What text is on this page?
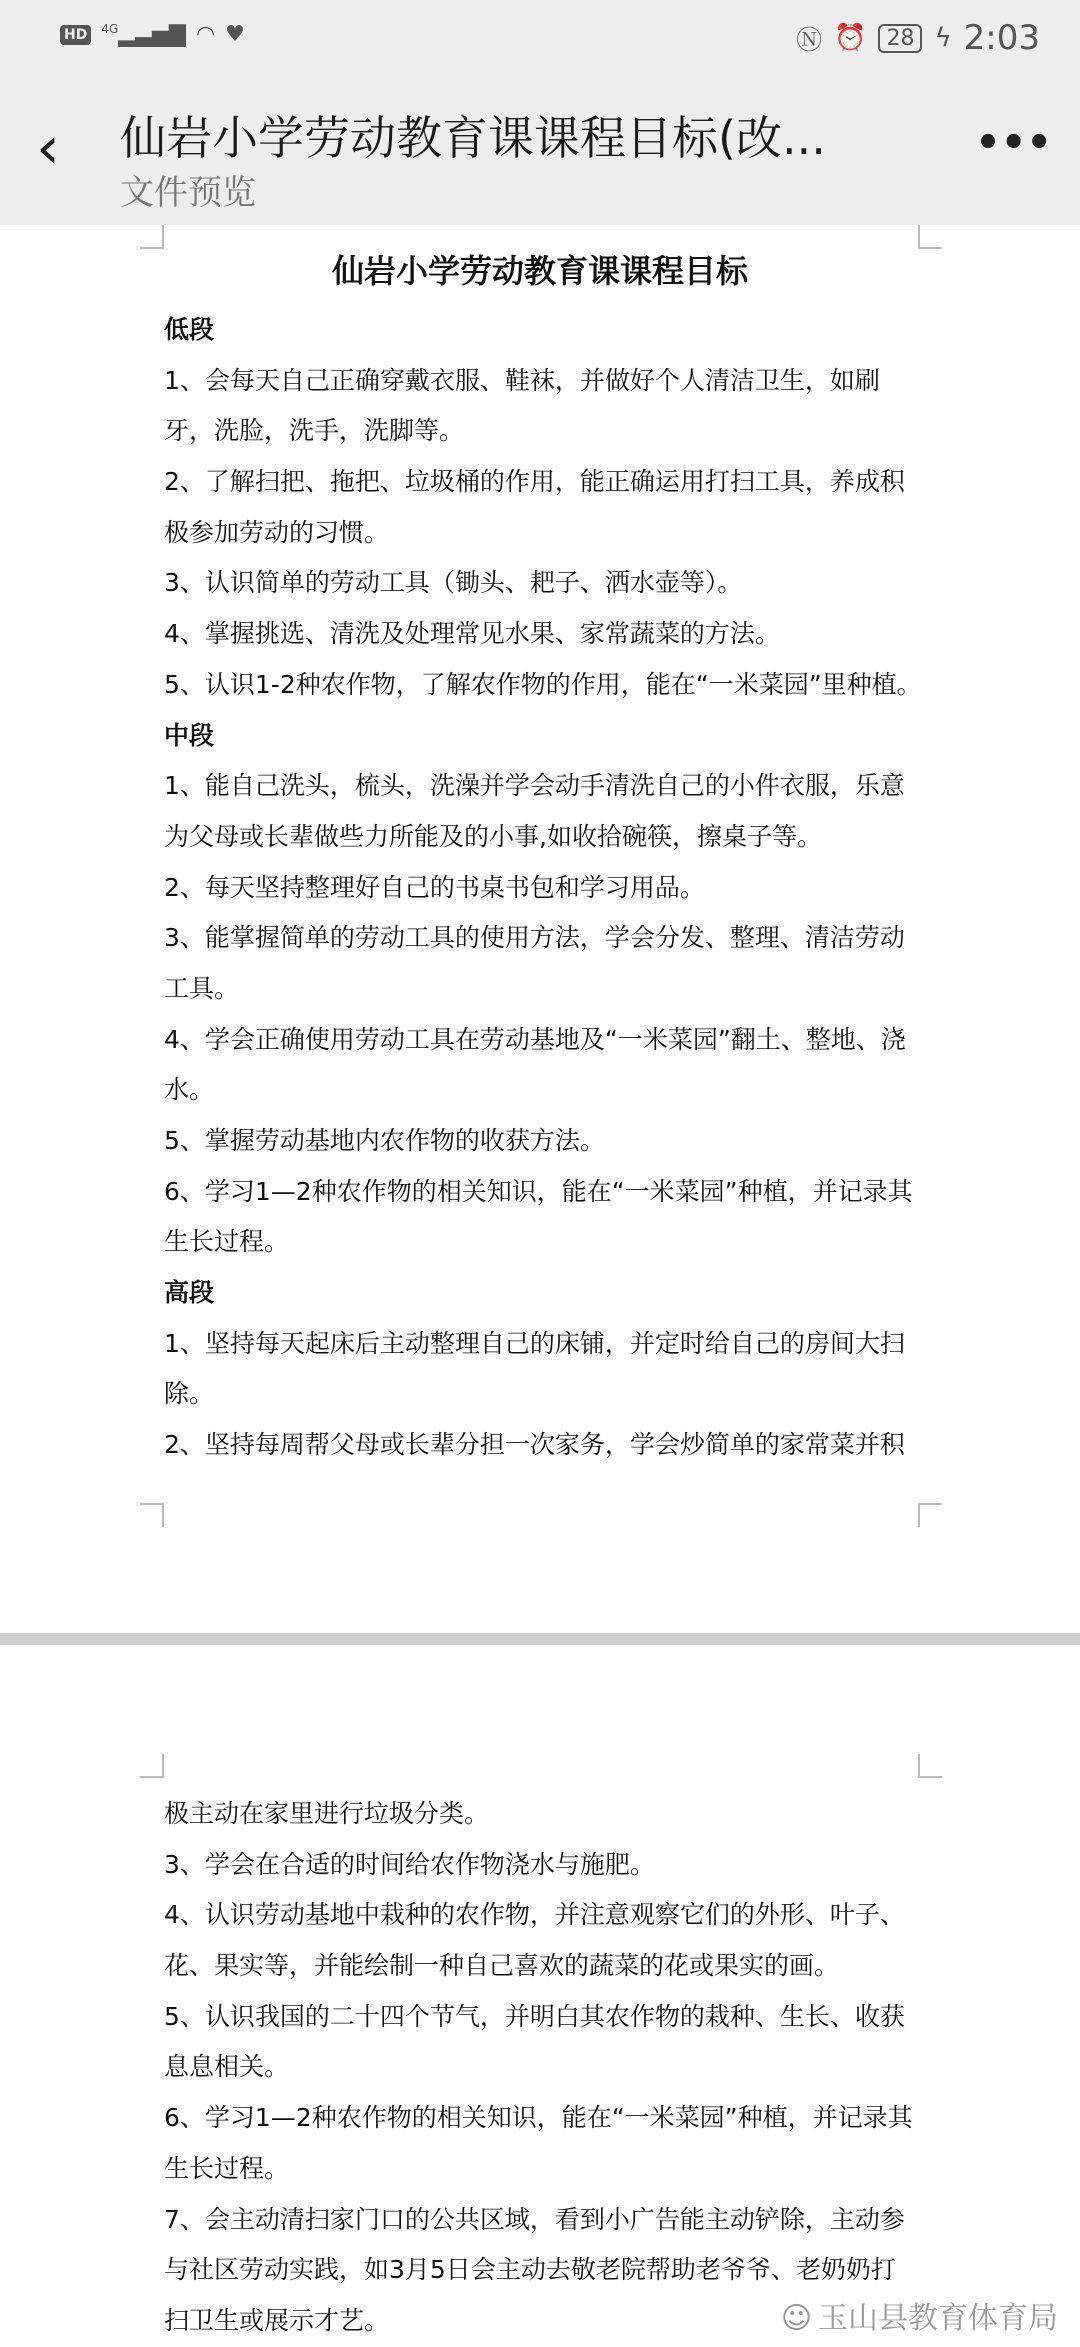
HD	$^{4G}$▂▃▅▇ ◠ ♥	Ⓝ ⏰ 28 ϟ 2:03
‹ 仙岩小学劳动教育课课程目标(改...
文件预览
•••
仙岩小学劳动教育课课程目标
低段
1、会每天自己正确穿戴衣服、鞋袜，并做好个人清洁卫生，如刷
牙，洗脸，洗手，洗脚等。
2、了解扫把、拖把、垃圾桶的作用，能正确运用打扫工具，养成积
极参加劳动的习惯。
3、认识简单的劳动工具（锄头、耙子、洒水壶等）。
4、掌握挑选、清洗及处理常见水果、家常蔬菜的方法。
5、认识1-2种农作物，了解农作物的作用，能在“一米菜园”里种植。
中段
1、能自己洗头，梳头，洗澡并学会动手清洗自己的小件衣服，乐意
为父母或长辈做些力所能及的小事,如收拾碗筷，擦桌子等。
2、每天坚持整理好自己的书桌书包和学习用品。
3、能掌握简单的劳动工具的使用方法，学会分发、整理、清洁劳动
工具。
4、学会正确使用劳动工具在劳动基地及“一米菜园”翻土、整地、浇
水。
5、掌握劳动基地内农作物的收获方法。
6、学习1—2种农作物的相关知识，能在“一米菜园”种植，并记录其
生长过程。
高段
1、坚持每天起床后主动整理自己的床铺，并定时给自己的房间大扫
除。
2、坚持每周帮父母或长辈分担一次家务，学会炒简单的家常菜并积
极主动在家里进行垃圾分类。
3、学会在合适的时间给农作物浇水与施肥。
4、认识劳动基地中栽种的农作物，并注意观察它们的外形、叶子、
花、果实等，并能绘制一种自己喜欢的蔬菜的花或果实的画。
5、认识我国的二十四个节气，并明白其农作物的栽种、生长、收获
息息相关。
6、学习1—2种农作物的相关知识，能在“一米菜园”种植，并记录其
生长过程。
7、会主动清扫家门口的公共区域，看到小广告能主动铲除，主动参
与社区劳动实践，如3月5日会主动去敬老院帮助老爷爷、老奶奶打
扫卫生或展示才艺。	☺ 玉山县教育体育局
